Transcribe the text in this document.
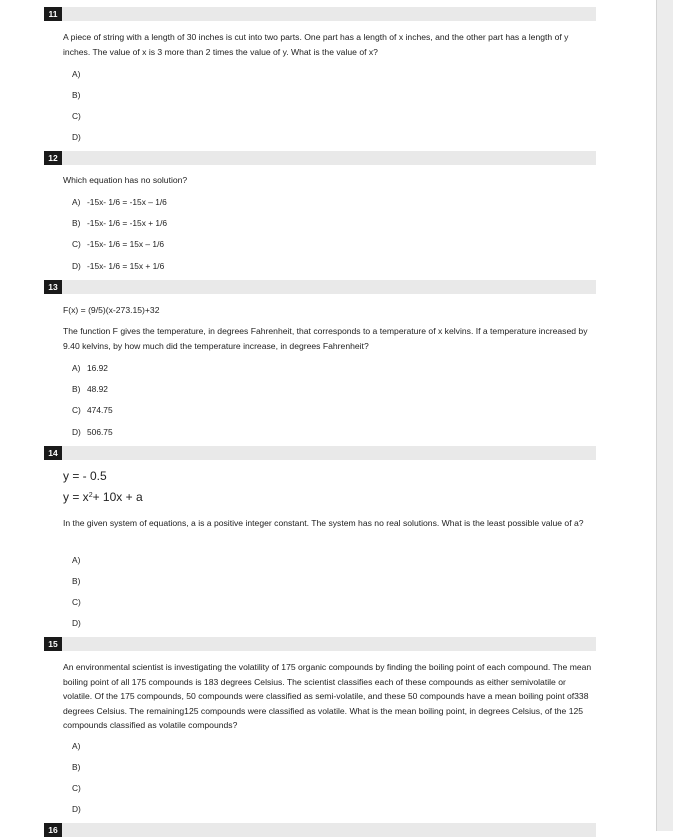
11
A piece of string with a length of 30 inches is cut into two parts. One part has a length of x inches, and the other part has a length of y inches. The value of x is 3 more than 2 times the value of y. What is the value of x?
A)
B)
C)
D)
12
Which equation has no solution?
A) -15x- 1/6 = -15x – 1/6
B) -15x- 1/6 = -15x + 1/6
C) -15x- 1/6 = 15x – 1/6
D) -15x- 1/6 = 15x + 1/6
13
F(x) = (9/5)(x-273.15)+32
The function F gives the temperature, in degrees Fahrenheit, that corresponds to a temperature of x kelvins. If a temperature increased by 9.40 kelvins, by how much did the temperature increase, in degrees Fahrenheit?
A) 16.92
B) 48.92
C) 474.75
D) 506.75
14
y = - 0.5
$y = x^2+ 10x + a$
In the given system of equations, a is a positive integer constant. The system has no real solutions. What is the least possible value of a?
A)
B)
C)
D)
15
An environmental scientist is investigating the volatility of 175 organic compounds by finding the boiling point of each compound. The mean boiling point of all 175 compounds is 183 degrees Celsius. The scientist classifies each of these compounds as either semivolatile or volatile. Of the 175 compounds, 50 compounds were classified as semi-volatile, and these 50 compounds have a mean boiling point of338 degrees Celsius. The remaining125 compounds were classified as volatile. What is the mean boiling point, in degrees Celsius, of the 125 compounds classified as volatile compounds?
A)
B)
C)
D)
16
